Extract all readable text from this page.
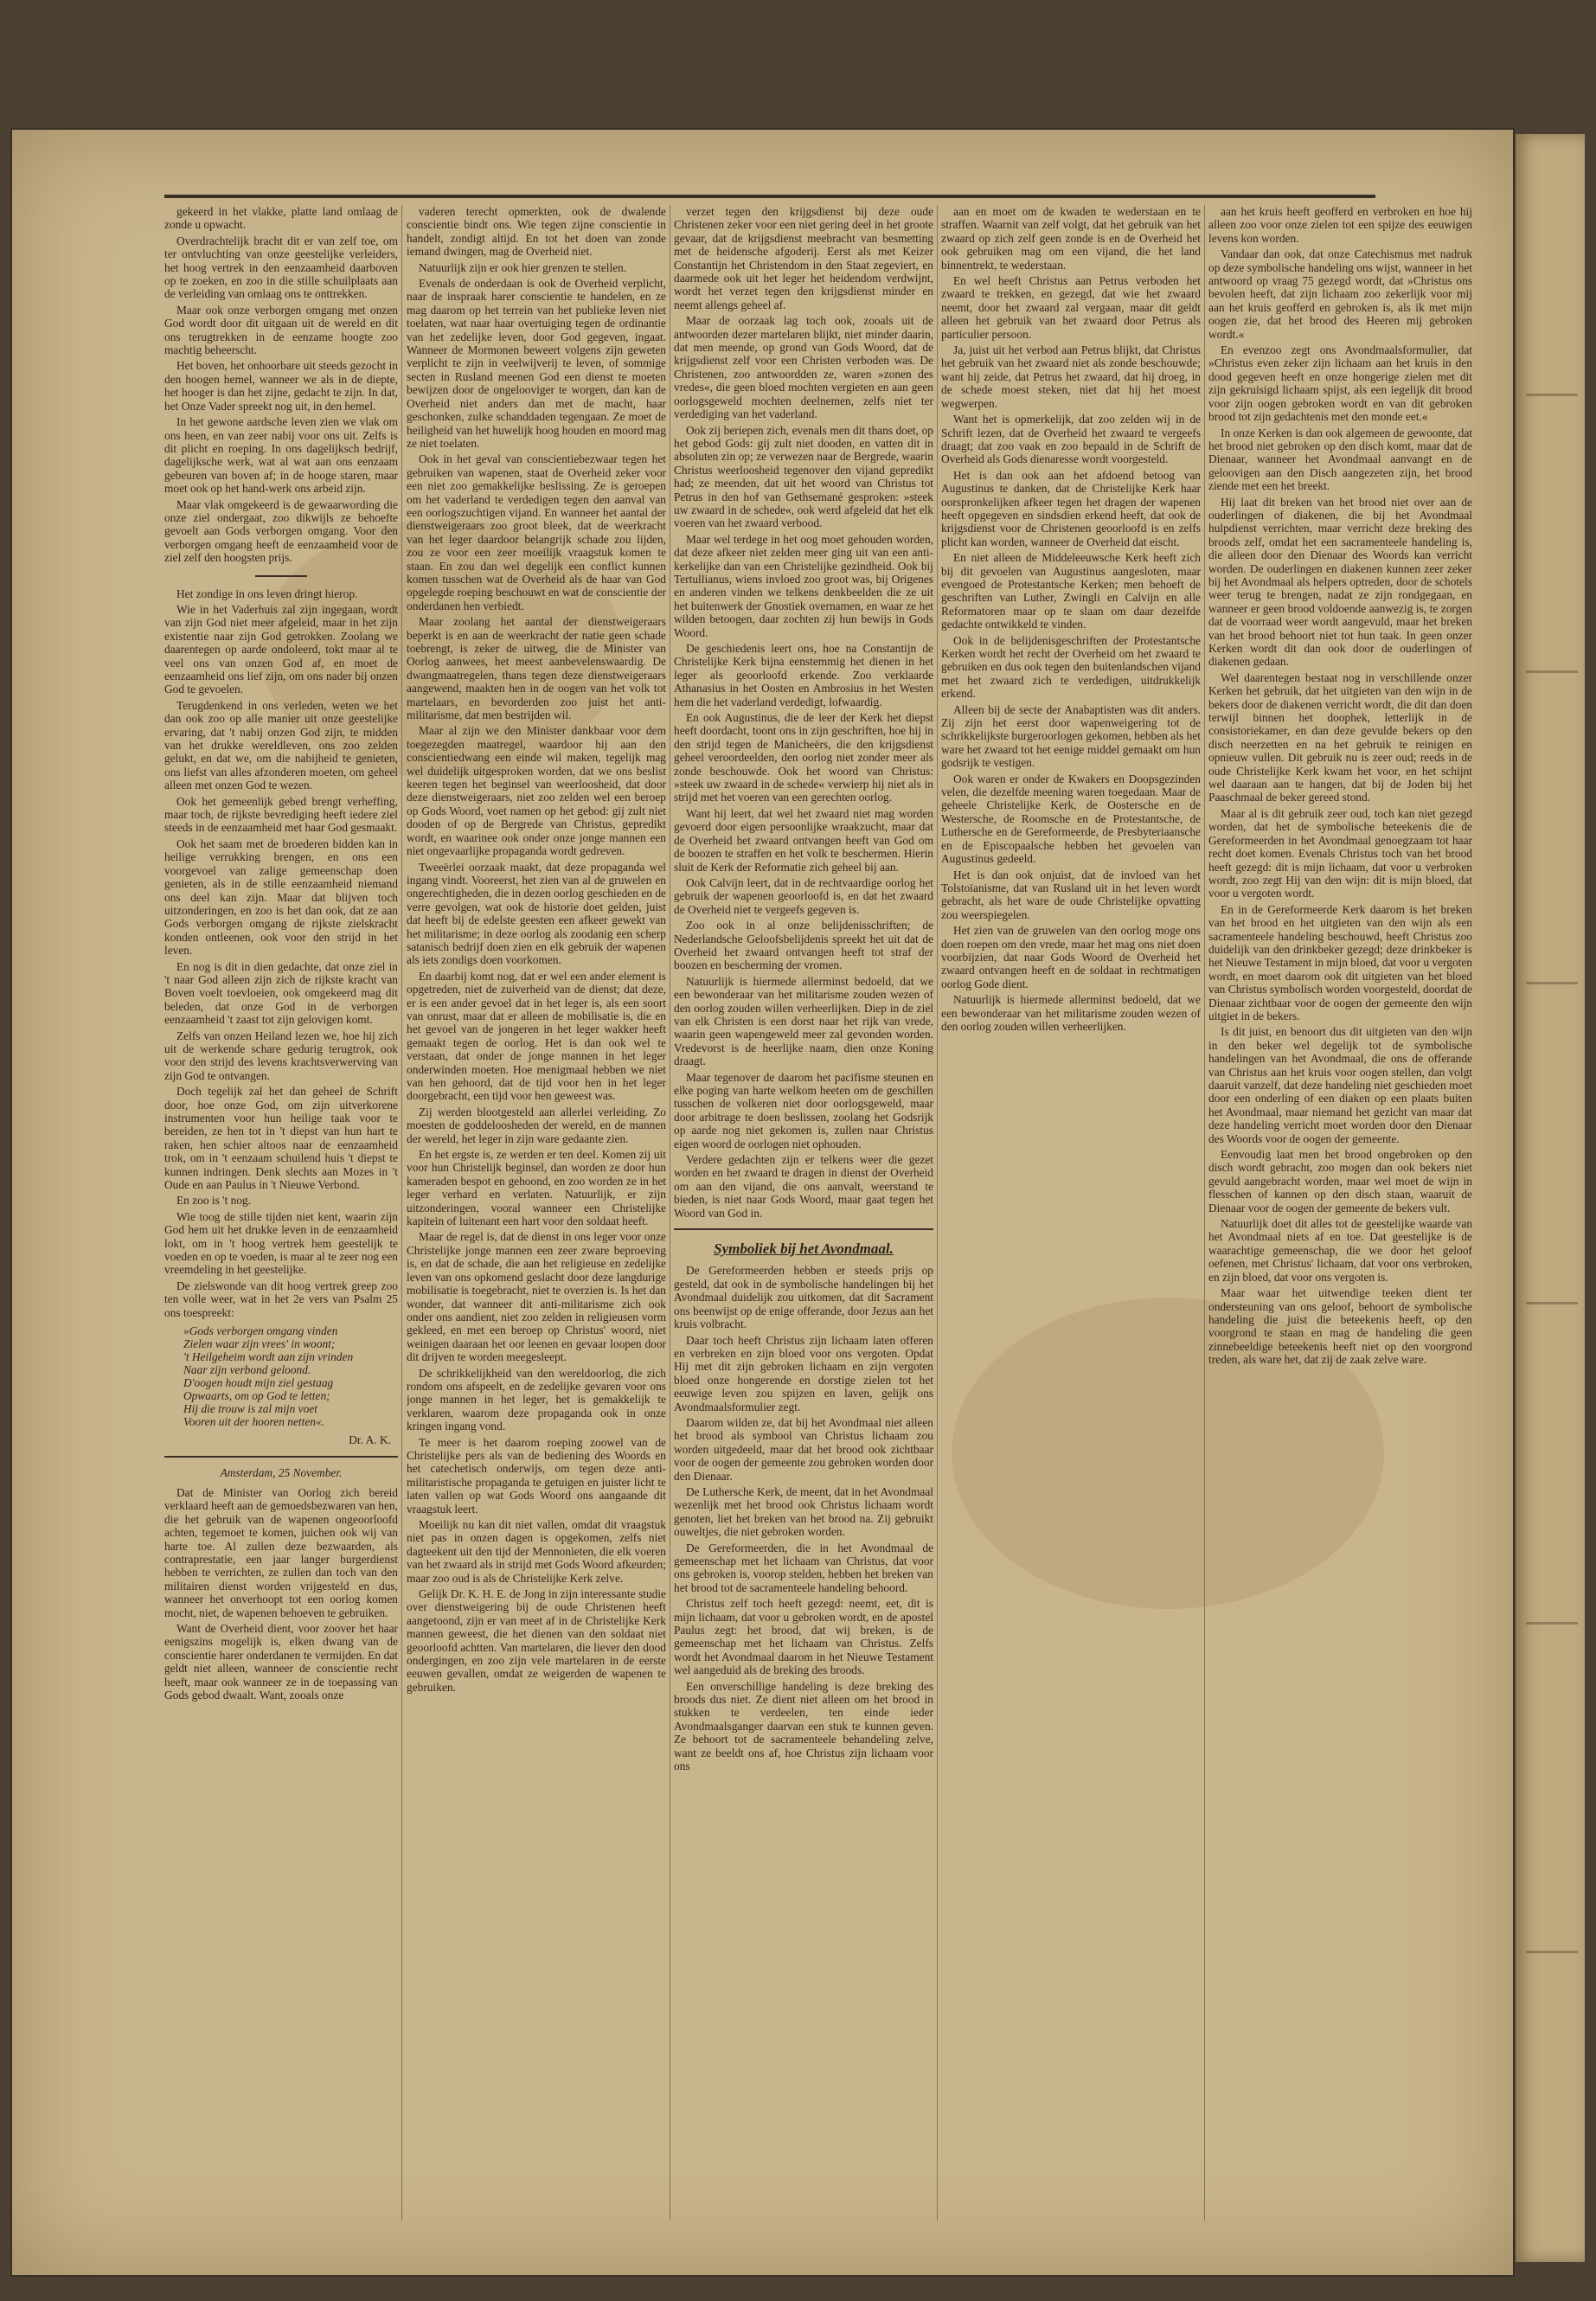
gekeerd in het vlakke, platte land omlaag de zonde u opwacht.

Overdrachtelijk bracht dit er van zelf toe, om ter ontvluchting van onze geestelijke verleiders, het hoog vertrek in den eenzaamheid daarboven op te zoeken, en zoo in die stille schuilplaats aan de verleiding van omlaag ons te onttrekken.

Maar ook onze verborgen omgang met onzen God wordt door dit uitgaan uit de wereld en dit ons terugtrekken in de eenzame hoogte zoo machtig beheerscht.

Het boven, het onhoorbare uit steeds gezocht in den hoogen hemel, wanneer we als in de diepte, het hooger is dan het zijne, gedacht te zijn. In dat, het Onze Vader spreekt nog uit, in den hemel.

In het gewone aardsche leven zien we vlak om ons heen, en van zeer nabij voor ons uit. Zelfs is dit plicht en roeping. In ons dagelijksch bedrijf, dagelijksche werk, wat al wat aan ons eenzaam gebeuren van boven af; in de hooge staren, maar moet ook op het hand-werk ons arbeid zijn.

Maar vlak omgekeerd is de gewaarwording die onze ziel ondergaat, zoo dikwijls ze behoefte gevoelt aan Gods verborgen omgang. Voor den verborgen omgang heeft de eenzaamheid voor de ziel zelf den hoogsten prijs.

Het zondige in ons leven dringt hierop.

Wie in het Vaderhuis zal zijn ingegaan, wordt van zijn God niet meer afgeleid, maar in het zijn existentie naar zijn God getrokken. Zoolang we daarentegen op aarde ondoleerd, tokt maar al te veel ons van onzen God af, en moet de eenzaamheid ons lief zijn, om ons nader bij onzen God te gevoelen.

Terugdenkend in ons verleden, weten we het dan ook zoo op alle manier uit onze geestelijke ervaring, dat 't nabij onzen God zijn, te midden van het drukke wereldleven, ons zoo zelden gelukt, en dat we, om die nabijheid te genieten, ons liefst van alles afzonderen moeten, om geheel alleen met onzen God te wezen.

Ook het gemeenlijk gebed brengt verheffing, maar toch, de rijkste bevrediging heeft iedere ziel steeds in de eenzaamheid met haar God gesmaakt.

Ook het saam met de broederen bidden kan in heilige verrukking brengen, en ons een voorgevoel van zalige gemeenschap doen genieten, als in de stille eenzaamheid niemand ons deel kan zijn. Maar dat blijven toch uitzonderingen, en zoo is het dan ook, dat ze aan Gods verborgen omgang de rijkste zielskracht konden ontleenen, ook voor den strijd in het leven.

En nog is dit in dien gedachte, dat onze ziel in 't naar God alleen zijn zich de rijkste kracht van Boven voelt toevloeien, ook omgekeerd mag dit beleden, dat onze God in de verborgen eenzaamheid 't zaast tot zijn gelovigen komt.

Zelfs van onzen Heiland lezen we, hoe hij zich uit de werkende schare gedurig terugtrok, ook voor den strijd des levens krachtsverwerving van zijn God te ontvangen.

Doch tegelijk zal het dan geheel de Schrift door, hoe onze God, om zijn uitverkorene instrumenten voor hun heilige taak voor te bereiden, ze hen tot in 't diepst van hun hart te raken, hen schier altoos naar de eenzaamheid trok, om in 't eenzaam schuilend huis 't diepst te kunnen indringen. Denk slechts aan Mozes in 't Oude en aan Paulus in 't Nieuwe Verbond.

En zoo is 't nog.

Wie toog de stille tijden niet kent, waarin zijn God hem uit het drukke leven in de eenzaamheid lokt, om in 't hoog vertrek hem geestelijk te voeden en op te voeden, is maar al te zeer nog een vreemdeling in het geestelijke.

De zielswonde van dit hoog vertrek greep zoo ten volle weer, wat in het 2e vers van Psalm 25 ons toespreekt:

»Gods verborgen omgang vinden
Zielen waar zijn vrees' in woont;
't Heilgeheim wordt aan zijn vrinden
Naar zijn verbond geloond.
D'oogen houdt mijn ziel gestaag
Opwaarts, om op God te letten;
Hij die trouw is zal mijn voet
Vooren uit der hooren netten«.
Dr. A. K.
Amsterdam, 25 November.

Dat de Minister van Oorlog zich bereid verklaard heeft aan de gemoedsbezwaren van hen, die het gebruik van de wapenen ongeoorloofd achten, tegemoet te komen, juichen ook wij van harte toe. Al zullen deze bezwaarden, als contraprestatie, een jaar langer burgerdienst hebben te verrichten, ze zullen dan toch van den militairen dienst worden vrijgesteld en dus, wanneer het onverhoopt tot een oorlog komen mocht, niet, de wapenen behoeven te gebruiken.

Want de Overheid dient, voor zoover het haar eenigszins mogelijk is, elken dwang van de conscientie harer onderdanen te vermijden. En dat geldt niet alleen, wanneer de conscientie recht heeft, maar ook wanneer ze in de toepassing van Gods gebod dwaalt. Want, zooals onze

vaderen terecht opmerkten, ook de dwalende conscientie bindt ons. Wie tegen zijne conscientie in handelt, zondigt altijd. En tot het doen van zonde iemand dwingen, mag de Overheid niet.

Natuurlijk zijn er ook hier grenzen te stellen.

Evenals de onderdaan is ook de Overheid verplicht, naar de inspraak harer conscientie te handelen, en ze mag daarom op het terrein van het publieke leven niet toelaten, wat naar haar overtuiging tegen de ordinantie van het zedelijke leven, door God gegeven, ingaat. Wanneer de Mormonen beweert volgens zijn geweten verplicht te zijn in veelwijverij te leven, of sommige secten in Rusland meenen God een dienst te moeten bewijzen door de ongelooviger te worgen, dan kan de Overheid niet anders dan met de macht, haar geschonken, zulke schanddaden tegengaan. Ze moet de heiligheid van het huwelijk hoog houden en moord mag ze niet toelaten.

Ook in het geval van conscientiebezwaar tegen het gebruiken van wapenen, staat de Overheid zeker voor een niet zoo gemakkelijke beslissing. Ze is geroepen om het vaderland te verdedigen tegen den aanval van een oorlogszuchtigen vijand. En wanneer het aantal der dienstweigeraars zoo groot bleek, dat de weerkracht van het leger daardoor belangrijk schade zou lijden, zou ze voor een zeer moeilijk vraagstuk komen te staan. En zou dan wel degelijk een conflict kunnen komen tusschen wat de Overheid als de haar van God opgelegde roeping beschouwt en wat de conscientie der onderdanen hen verbiedt.

Maar zoolang het aantal der dienstweigeraars beperkt is en aan de weerkracht der natie geen schade toebrengt, is zeker de uitweg, die de Minister van Oorlog aanwees, het meest aanbevelenswaardig. De dwangmaatregelen, thans tegen deze dienstweigeraars aangewend, maakten hen in de oogen van het volk tot martelaars, en bevorderden zoo juist het anti-militarisme, dat men bestrijden wil.

Maar al zijn we den Minister dankbaar voor dem toegezegden maatregel, waardoor hij aan den conscientiedwang een einde wil maken, tegelijk mag wel duidelijk uitgesproken worden, dat we ons beslist keeren tegen het beginsel van weerloosheid, dat door deze dienstweigeraars, niet zoo zelden wel een beroep op Gods Woord, voet namen op het gebod: gij zult niet dooden of op de Bergrede van Christus, gepredikt wordt, en waarinee ook onder onze jonge mannen een niet ongevaarlijke propaganda wordt gedreven.

Tweeërlei oorzaak maakt, dat deze propaganda wel ingang vindt. Vooreerst, het zien van al de gruwelen en ongerechtigheden, die in dezen oorlog geschieden en de verre gevolgen, wat ook de historie doet gelden, juist dat heeft bij de edelste geesten een afkeer gewekt van het militarisme; in deze oorlog als zoodanig een scherp satanisch bedrijf doen zien en elk gebruik der wapenen als iets zondigs doen voorkomen.

En daarbij komt nog, dat er wel een ander element is opgetreden, niet de zuiverheid van de dienst; dat deze, er is een ander gevoel dat in het leger is, als een soort van onrust, maar dat er alleen de mobilisatie is, die en het gevoel van de jongeren in het leger wakker heeft gemaakt tegen de oorlog. Het is dan ook wel te verstaan, dat onder de jonge mannen in het leger onderwinden moeten. Hoe menigmaal hebben we niet van hen gehoord, dat de tijd voor hen in het leger doorgebracht, een tijd voor hen geweest was.

Zij werden blootgesteld aan allerlei verleiding. Zo moesten de goddeloosheden der wereld, en de mannen der wereld, het leger in zijn ware gedaante zien.

En het ergste is, ze werden er ten deel. Komen zij uit voor hun Christelijk beginsel, dan worden ze door hun kameraden bespot en gehoond, en zoo worden ze in het leger verhard en verlaten. Natuurlijk, er zijn uitzonderingen, vooral wanneer een Christelijke kapitein of luitenant een hart voor den soldaat heeft.

Maar de regel is, dat de dienst in ons leger voor onze Christelijke jonge mannen een zeer zware beproeving is, en dat de schade, die aan het religieuse en zedelijke leven van ons opkomend geslacht door deze langdurige mobilisatie is toegebracht, niet te overzien is. Is het dan wonder, dat wanneer dit anti-militarisme zich ook onder ons aandient, niet zoo zelden in religieusen vorm gekleed, en met een beroep op Christus' woord, niet weinigen daaraan het oor leenen en gevaar loopen door dit drijven te worden meegesleept.

De schrikkelijkheid van den wereldoorlog, die zich rondom ons afspeelt, en de zedelijke gevaren voor ons jonge mannen in het leger, het is gemakkelijk te verklaren, waarom deze propaganda ook in onze kringen ingang vond.

Te meer is het daarom roeping zoowel van de Christelijke pers als van de bediening des Woords en het catechetisch onderwijs, om tegen deze anti-militaristische propaganda te getuigen en juister licht te laten vallen op wat Gods Woord ons aangaande dit vraagstuk leert.

Moeilijk nu kan dit niet vallen, omdat dit vraagstuk niet pas in onzen dagen is opgekomen, zelfs niet dagteekent uit den tijd der Mennonieten, die elk voeren van het zwaard als in strijd met Gods Woord afkeurden; maar zoo oud is als de Christelijke Kerk zelve.

Gelijk Dr. K. H. E. de Jong in zijn interessante studie over dienstweigering bij de oude Christenen heeft aangetoond, zijn er van meet af in de Christelijke Kerk mannen geweest, die het dienen van den soldaat niet geoorloofd achtten. Van martelaren, die liever den dood ondergingen, en zoo zijn vele martelaren in de eerste eeuwen gevallen, omdat ze weigerden de wapenen te gebruiken.

verzet tegen den krijgsdienst bij deze oude Christenen zeker voor een niet gering deel in het groote gevaar, dat de krijgsdienst meebracht van besmetting met de heidensche afgoderij. Eerst als met Keizer Constantijn het Christendom in den Staat zegeviert, en daarmede ook uit het leger het heidendom verdwijnt, wordt het verzet tegen den krijgsdienst minder en neemt allengs geheel af.

Maar de oorzaak lag toch ook, zooals uit de antwoorden dezer martelaren blijkt, niet minder daarin, dat men meende, op grond van Gods Woord, dat de krijgsdienst zelf voor een Christen verboden was. De Christenen, zoo antwoordden ze, waren »zonen des vredes«, die geen bloed mochten vergieten en aan geen oorlogsgeweld mochten deelnemen, zelfs niet ter verdediging van het vaderland.

Ook zij beriepen zich, evenals men dit thans doet, op het gebod Gods: gij zult niet dooden, en vatten dit in absoluten zin op; ze verwezen naar de Bergrede, waarin Christus weerloosheid tegenover den vijand gepredikt had; ze meenden, dat uit het woord van Christus tot Petrus in den hof van Gethsemané gesproken: »steek uw zwaard in de schede«, ook werd afgeleid dat het elk voeren van het zwaard verbood.

Maar wel terdege in het oog moet gehouden worden, dat deze afkeer niet zelden meer ging uit van een anti-kerkelijke dan van een Christelijke gezindheid. Ook bij Tertullianus, wiens invloed zoo groot was, bij Origenes en anderen vinden we telkens denkbeelden die ze uit het buitenwerk der Gnostiek overnamen, en waar ze het wilden betoogen, daar zochten zij hun bewijs in Gods Woord.

De geschiedenis leert ons, hoe na Constantijn de Christelijke Kerk bijna eenstemmig het dienen in het leger als geoorloofd erkende. Zoo verklaarde Athanasius in het Oosten en Ambrosius in het Westen hem die het vaderland verdedigt, lofwaardig.

En ook Augustinus, die de leer der Kerk het diepst heeft doordacht, toont ons in zijn geschriften, hoe hij in den strijd tegen de Manicheërs, die den krijgsdienst geheel veroordeelden, den oorlog niet zonder meer als zonde beschouwde. Ook het woord van Christus: »steek uw zwaard in de schede« verwierp hij niet als in strijd met het voeren van een gerechten oorlog.

Want hij leert, dat wel het zwaard niet mag worden gevoerd door eigen persoonlijke wraakzucht, maar dat de Overheid het zwaard ontvangen heeft van God om de boozen te straffen en het volk te beschermen. Hierin sluit de Kerk der Reformatie zich geheel bij aan.

Ook Calvijn leert, dat in de rechtvaardige oorlog het gebruik der wapenen geoorloofd is, en dat het zwaard de Overheid niet te vergeefs gegeven is.

Zoo ook in al onze belijdenisschriften; de Nederlandsche Geloofsbelijdenis spreekt het uit dat de Overheid het zwaard ontvangen heeft tot straf der boozen en bescherming der vromen.

Natuurlijk is hiermede allerminst bedoeld, dat we een bewonderaar van het militarisme zouden wezen of den oorlog zouden willen verheerlijken. Diep in de ziel van elk Christen is een dorst naar het rijk van vrede, waarin geen wapengeweld meer zal gevonden worden. Vredevorst is de heerlijke naam, dien onze Koning draagt.

Maar tegenover de daarom het pacifisme steunen en elke poging van harte welkom heeten om de geschillen tusschen de volkeren niet door oorlogsgeweld, maar door arbitrage te doen beslissen, zoolang het Godsrijk op aarde nog niet gekomen is, zullen naar Christus eigen woord de oorlogen niet ophouden.

Verdere gedachten zijn er telkens weer die gezet worden en het zwaard te dragen in dienst der Overheid om aan den vijand, die ons aanvalt, weerstand te bieden, is niet naar Gods Woord, maar gaat tegen het Woord van God in.

Symboliek bij het Avondmaal.

De Gereformeerden hebben er steeds prijs op gesteld, dat ook in de symbolische handelingen bij het Avondmaal duidelijk zou uitkomen, dat dit Sacrament ons beenwijst op de enige offerande, door Jezus aan het kruis volbracht.

Daar toch heeft Christus zijn lichaam laten offeren en verbreken en zijn bloed voor ons vergoten. Opdat Hij met dit zijn gebroken lichaam en zijn vergoten bloed onze hongerende en dorstige zielen tot het eeuwige leven zou spijzen en laven, gelijk ons Avondmaalsformulier zegt.

Daarom wilden ze, dat bij het Avondmaal niet alleen het brood als symbool van Christus lichaam zou worden uitgedeeld, maar dat het brood ook zichtbaar voor de oogen der gemeente zou gebroken worden door den Dienaar.

De Luthersche Kerk, de meent, dat in het Avondmaal wezenlijk met het brood ook Christus lichaam wordt genoten, liet het breken van het brood na. Zij gebruikt ouweltjes, die niet gebroken worden.

De Gereformeerden, die in het Avondmaal de gemeenschap met het lichaam van Christus, dat voor ons gebroken is, voorop stelden, hebben het breken van het brood tot de sacramenteele handeling behoord.

Christus zelf toch heeft gezegd: neemt, eet, dit is mijn lichaam, dat voor u gebroken wordt, en de apostel Paulus zegt: het brood, dat wij breken, is de gemeenschap met het lichaam van Christus. Zelfs wordt het Avondmaal daarom in het Nieuwe Testament wel aangeduid als de breking des broods.

Een onverschillige handeling is deze breking des broods dus niet. Ze dient niet alleen om het brood in stukken te verdeelen, ten einde ieder Avondmaalsganger daarvan een stuk te kunnen geven. Ze behoort tot de sacramenteele behandeling zelve, want ze beeldt ons af, hoe Christus zijn lichaam voor ons

aan en moet om de kwaden te wederstaan en te straffen. Waarnit van zelf volgt, dat het gebruik van het zwaard op zich zelf geen zonde is en de Overheid het ook gebruiken mag om een vijand, die het land binnentrekt, te wederstaan.

En wel heeft Christus aan Petrus verboden het zwaard te trekken, en gezegd, dat wie het zwaard neemt, door het zwaard zal vergaan, maar dit geldt alleen het gebruik van het zwaard door Petrus als particulier persoon.

Ja, juist uit het verbod aan Petrus blijkt, dat Christus het gebruik van het zwaard niet als zonde beschouwde; want hij zeide, dat Petrus het zwaard, dat hij droeg, in de schede moest steken, niet dat hij het moest wegwerpen.

Want het is opmerkelijk, dat zoo zelden wij in de Schrift lezen, dat de Overheid het zwaard te vergeefs draagt; dat zoo vaak en zoo bepaald in de Schrift de Overheid als Gods dienaresse wordt voorgesteld.

Het is dan ook aan het afdoend betoog van Augustinus te danken, dat de Christelijke Kerk haar oorspronkelijken afkeer tegen het dragen der wapenen heeft opgegeven en sindsdien erkend heeft, dat ook de krijgsdienst voor de Christenen geoorloofd is en zelfs plicht kan worden, wanneer de Overheid dat eischt.

En niet alleen de Middeleeuwsche Kerk heeft zich bij dit gevoelen van Augustinus aangesloten, maar evengoed de Protestantsche Kerken; men behoeft de geschriften van Luther, Zwingli en Calvijn en alle Reformatoren maar op te slaan om daar dezelfde gedachte ontwikkeld te vinden.

Ook in de belijdenisgeschriften der Protestantsche Kerken wordt het recht der Overheid om het zwaard te gebruiken en dus ook tegen den buitenlandschen vijand met het zwaard zich te verdedigen, uitdrukkelijk erkend.

Alleen bij de secte der Anabaptisten was dit anders. Zij zijn het eerst door wapenweigering tot de schrikkelijkste burgeroorlogen gekomen, hebben als het ware het zwaard tot het eenige middel gemaakt om hun godsrijk te vestigen.

Ook waren er onder de Kwakers en Doopsgezinden velen, die dezelfde meening waren toegedaan. Maar de geheele Christelijke Kerk, de Oostersche en de Westersche, de Roomsche en de Protestantsche, de Luthersche en de Gereformeerde, de Presbyteriaansche en de Episcopaalsche hebben het gevoelen van Augustinus gedeeld.

Het is dan ook onjuist, dat de invloed van het Tolstoïanisme, dat van Rusland uit in het leven wordt gebracht, als het ware de oude Christelijke opvatting zou weerspiegelen.

Het zien van de gruwelen van den oorlog moge ons doen roepen om den vrede, maar het mag ons niet doen voorbijzien, dat naar Gods Woord de Overheid het zwaard ontvangen heeft en de soldaat in rechtmatigen oorlog Gode dient.

Natuurlijk is hiermede allerminst bedoeld, dat we een bewonderaar van het militarisme zouden wezen of den oorlog zouden willen verheerlijken.

aan het kruis heeft geofferd en verbroken en hoe hij alleen zoo voor onze zielen tot een spijze des eeuwigen levens kon worden.

Vandaar dan ook, dat onze Catechismus met nadruk op deze symbolische handeling ons wijst, wanneer in het antwoord op vraag 75 gezegd wordt, dat »Christus ons bevolen heeft, dat zijn lichaam zoo zekerlijk voor mij aan het kruis geofferd en gebroken is, als ik met mijn oogen zie, dat het brood des Heeren mij gebroken wordt.«

En evenzoo zegt ons Avondmaalsformulier, dat »Christus even zeker zijn lichaam aan het kruis in den dood gegeven heeft en onze hongerige zielen met dit zijn gekruisigd lichaam spijst, als een iegelijk dit brood voor zijn oogen gebroken wordt en van dit gebroken brood tot zijn gedachtenis met den monde eet.«

In onze Kerken is dan ook algemeen de gewoonte, dat het brood niet gebroken op den disch komt, maar dat de Dienaar, wanneer het Avondmaal aanvangt en de geloovigen aan den Disch aangezeten zijn, het brood ziende met een het breekt.

Hij laat dit breken van het brood niet over aan de ouderlingen of diakenen, die bij het Avondmaal hulpdienst verrichten, maar verricht deze breking des broods zelf, omdat het een sacramenteele handeling is, die alleen door den Dienaar des Woords kan verricht worden. De ouderlingen en diakenen kunnen zeer zeker bij het Avondmaal als helpers optreden, door de schotels weer terug te brengen, nadat ze zijn rondgegaan, en wanneer er geen brood voldoende aanwezig is, te zorgen dat de voorraad weer wordt aangevuld, maar het breken van het brood behoort niet tot hun taak. In geen onzer Kerken wordt dit dan ook door de ouderlingen of diakenen gedaan.

Wel daarentegen bestaat nog in verschillende onzer Kerken het gebruik, dat het uitgieten van den wijn in de bekers door de diakenen verricht wordt, die dit dan doen terwijl binnen het doophek, letterlijk in de consistoriekamer, en dan deze gevulde bekers op den disch neerzetten en na het gebruik te reinigen en opnieuw vullen. Dit gebruik nu is zeer oud; reeds in de oude Christelijke Kerk kwam het voor, en het schijnt wel daaraan aan te hangen, dat bij de Joden bij het Paaschmaal de beker gereed stond.

Maar al is dit gebruik zeer oud, toch kan niet gezegd worden, dat het de symbolische beteekenis die de Gereformeerden in het Avondmaal genoegzaam tot haar recht doet komen. Evenals Christus toch van het brood heeft gezegd: dit is mijn lichaam, dat voor u verbroken wordt, zoo zegt Hij van den wijn: dit is mijn bloed, dat voor u vergoten wordt.

En in de Gereformeerde Kerk daarom is het breken van het brood en het uitgieten van den wijn als een sacramenteele handeling beschouwd, heeft Christus zoo duidelijk van den drinkbeker gezegd; deze drinkbeker is het Nieuwe Testament in mijn bloed, dat voor u vergoten wordt, en moet daarom ook dit uitgieten van het bloed van Christus symbolisch worden voorgesteld, doordat de Dienaar zichtbaar voor de oogen der gemeente den wijn uitgiet in de bekers.

Is dit juist, en benoort dus dit uitgieten van den wijn in den beker wel degelijk tot de symbolische handelingen van het Avondmaal, die ons de offerande van Christus aan het kruis voor oogen stellen, dan volgt daaruit vanzelf, dat deze handeling niet geschieden moet door een onderling of een diaken op een plaats buiten het Avondmaal, maar niemand het gezicht van maar dat deze handeling verricht moet worden door den Dienaar des Woords voor de oogen der gemeente.

Eenvoudig laat men het brood ongebroken op den disch wordt gebracht, zoo mogen dan ook bekers niet gevuld aangebracht worden, maar wel moet de wijn in flesschen of kannen op den disch staan, waaruit de Dienaar voor de oogen der gemeente de bekers vult.

Natuurlijk doet dit alles tot de geestelijke waarde van het Avondmaal niets af en toe. Dat geestelijke is de waarachtige gemeenschap, die we door het geloof oefenen, met Christus' lichaam, dat voor ons verbroken, en zijn bloed, dat voor ons vergoten is.

Maar waar het uitwendige teeken dient ter ondersteuning van ons geloof, behoort de symbolische handeling die juist die beteekenis heeft, op den voorgrond te staan en mag de handeling die geen zinnebeeldige beteekenis heeft niet op den voorgrond treden, als ware het, dat zij de zaak zelve ware.
